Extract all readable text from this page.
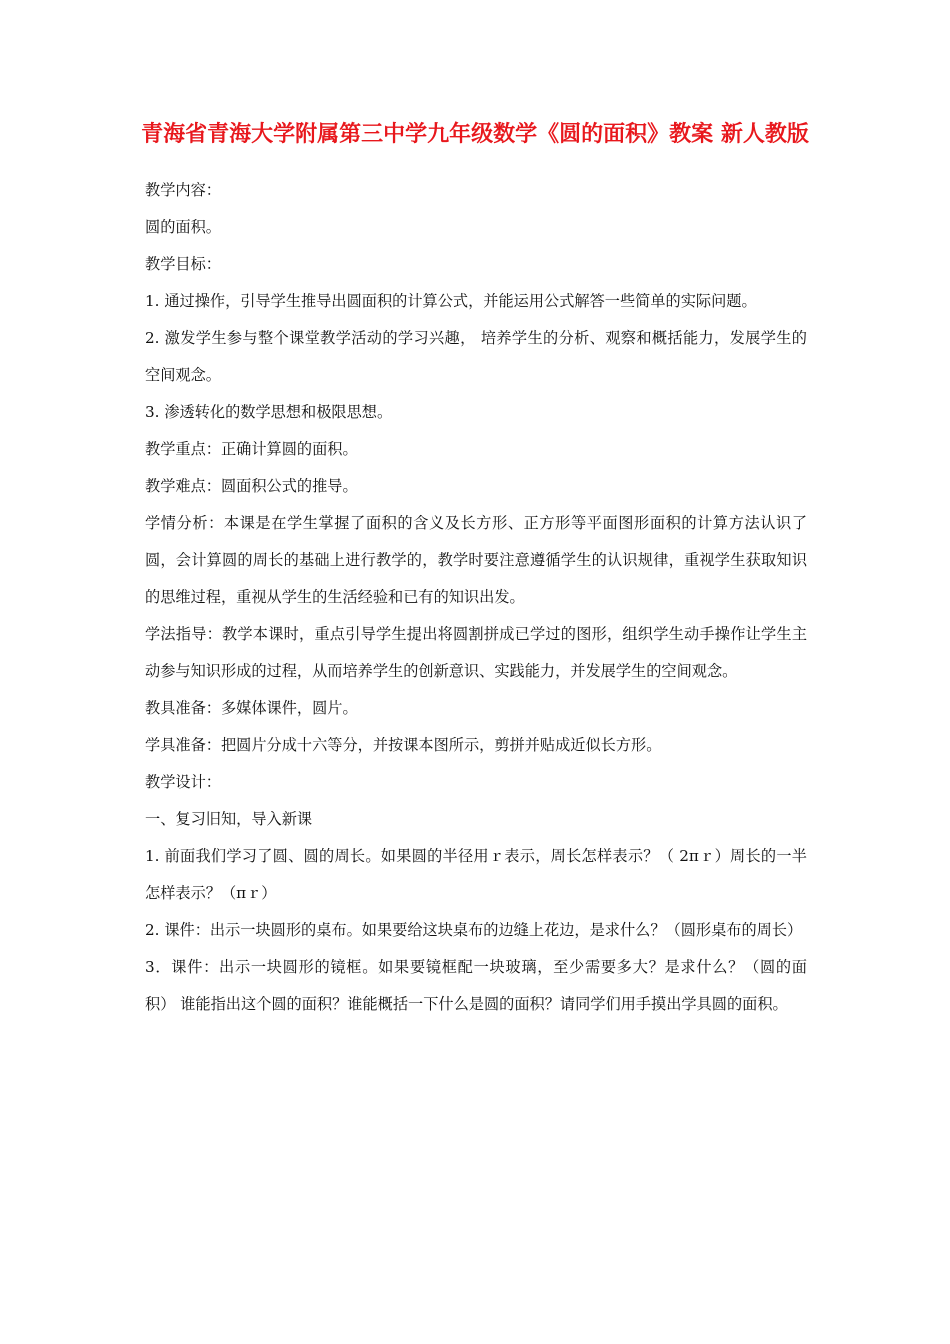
青海省青海大学附属第三中学九年级数学《圆的面积》教案 新人教版

教学内容：

圆的面积。

教学目标：

1. 通过操作，引导学生推导出圆面积的计算公式，并能运用公式解答一些简单的实际问题。

2. 激发学生参与整个课堂教学活动的学习兴趣， 培养学生的分析、观察和概括能力，发展学生的空间观念。

3. 渗透转化的数学思想和极限思想。

教学重点：正确计算圆的面积。

教学难点：圆面积公式的推导。

学情分析：本课是在学生掌握了面积的含义及长方形、正方形等平面图形面积的计算方法认识了圆，会计算圆的周长的基础上进行教学的，教学时要注意遵循学生的认识规律，重视学生获取知识的思维过程，重视从学生的生活经验和已有的知识出发。

学法指导：教学本课时，重点引导学生提出将圆割拼成已学过的图形，组织学生动手操作让学生主动参与知识形成的过程，从而培养学生的创新意识、实践能力，并发展学生的空间观念。

教具准备：多媒体课件，圆片。

学具准备：把圆片分成十六等分，并按课本图所示，剪拼并贴成近似长方形。

教学设计：

一、复习旧知，导入新课

1. 前面我们学习了圆、圆的周长。如果圆的半径用ｒ表示，周长怎样表示？（ 2πｒ）周长的一半怎样表示？（πｒ）

2. 课件：出示一块圆形的桌布。如果要给这块桌布的边缝上花边，是求什么？（圆形桌布的周长）

3．课件：出示一块圆形的镜框。如果要镜框配一块玻璃，至少需要多大？是求什么？（圆的面积） 谁能指出这个圆的面积？谁能概括一下什么是圆的面积？请同学们用手摸出学具圆的面积。
